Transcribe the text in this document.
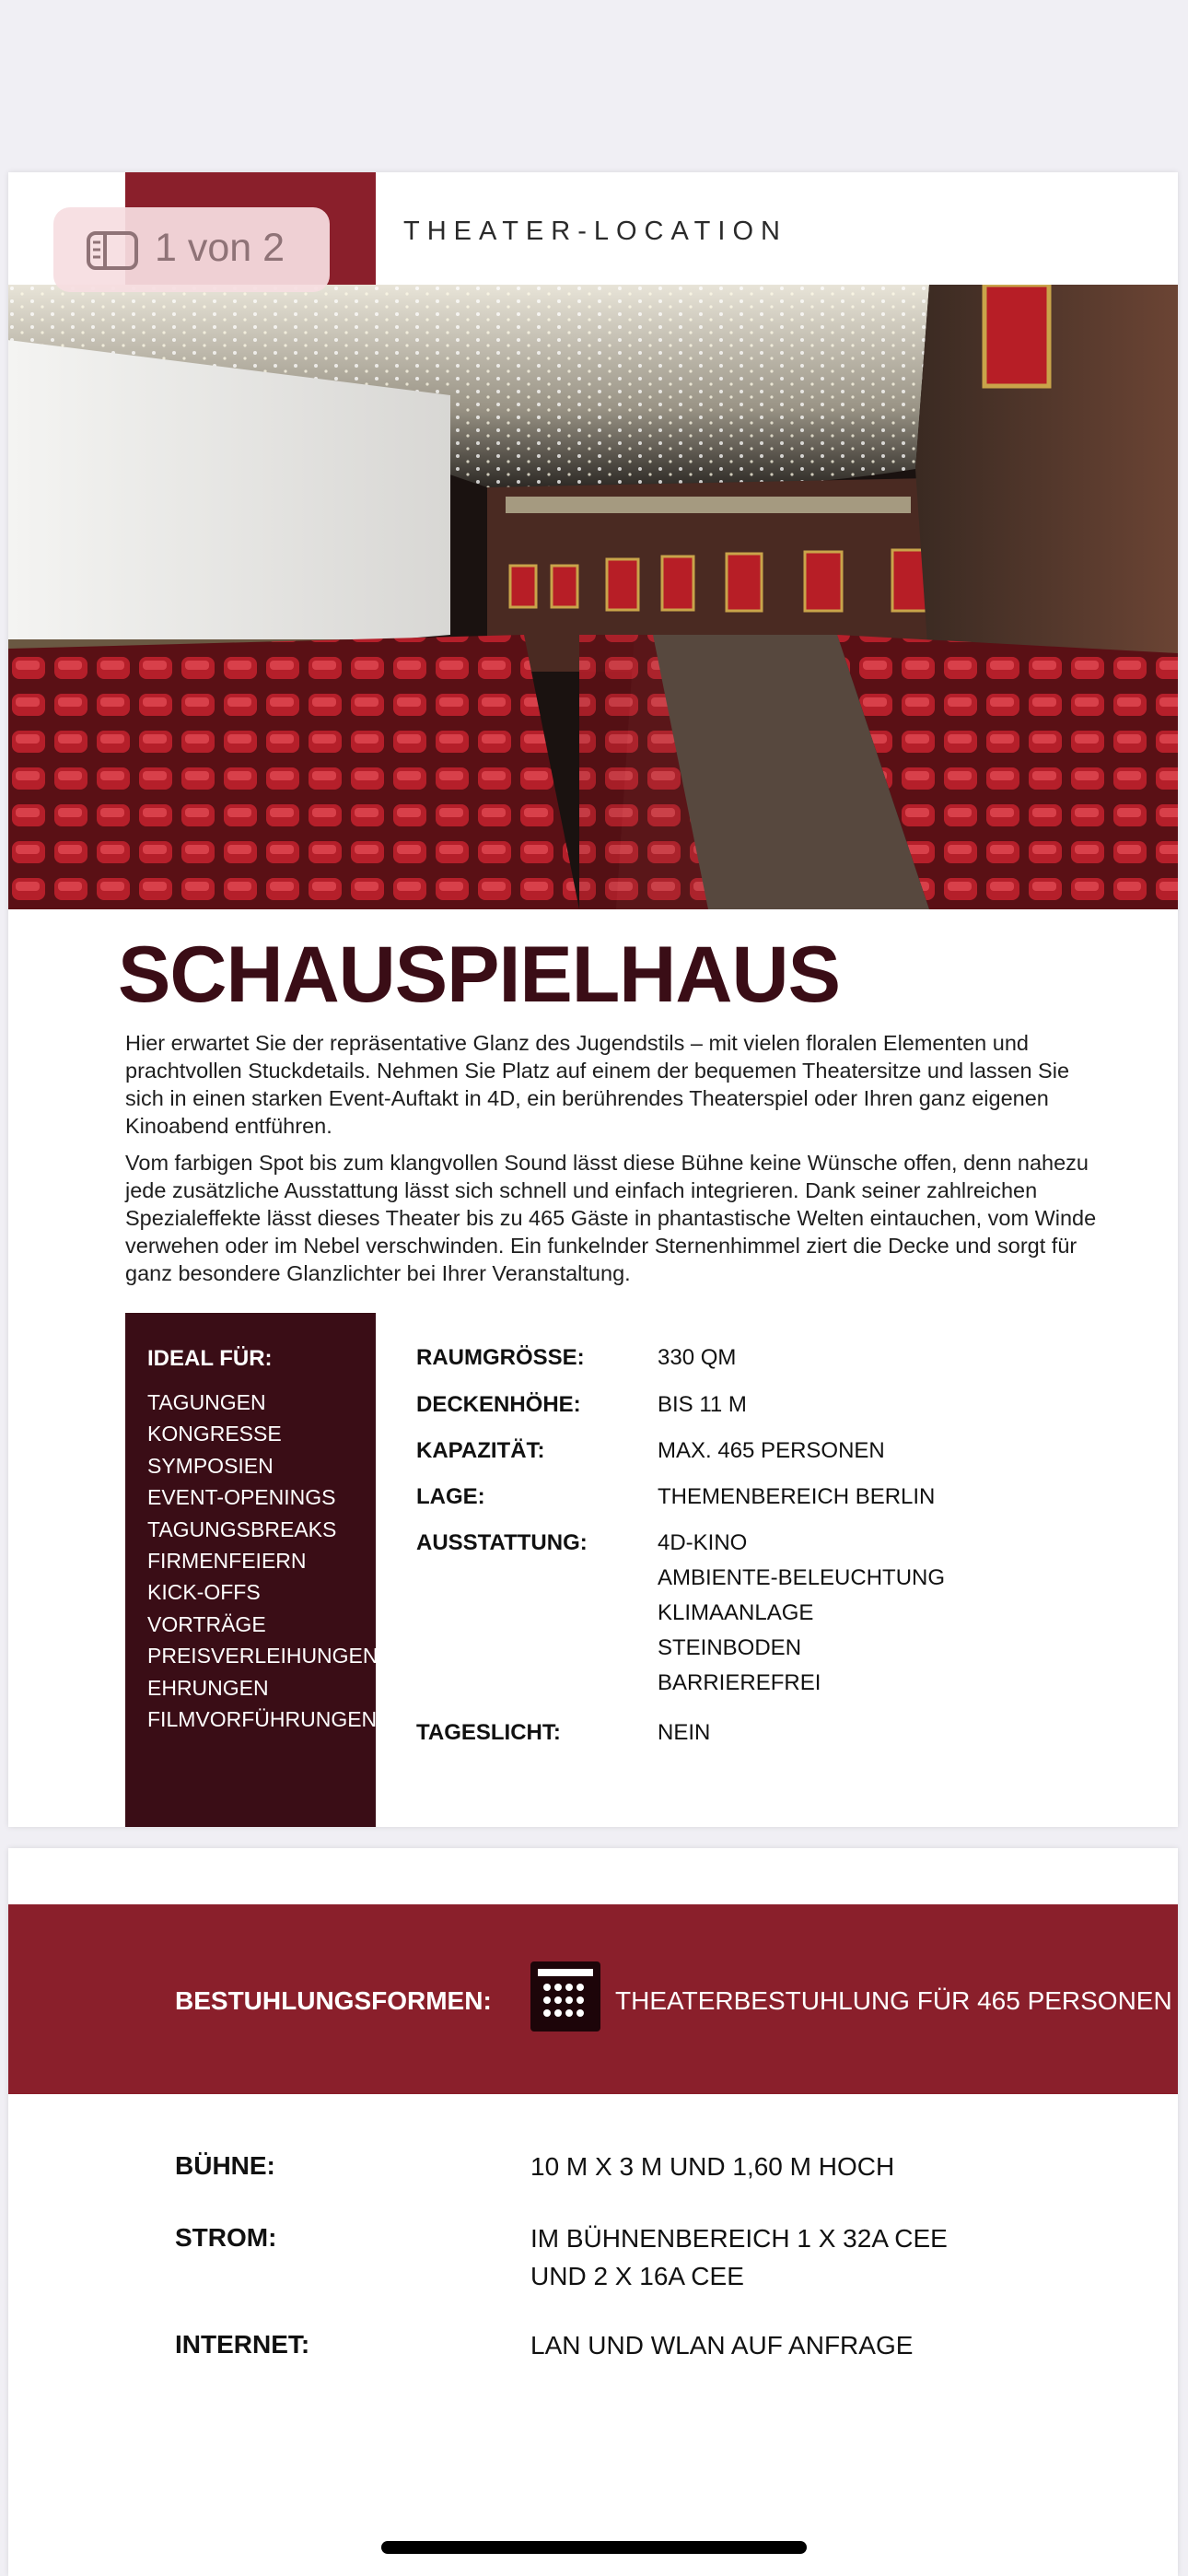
THEATER-LOCATION
SCHAUSPIELHAUS

Hier erwartet Sie der repräsentative Glanz des Jugendstils – mit vielen floralen Elementen und prachtvollen Stuckdetails. Nehmen Sie Platz auf einem der bequemen Theatersitze und lassen Sie sich in einen starken Event-Auftakt in 4D, ein berührendes Theaterspiel oder Ihren ganz eigenen Kinoabend entführen.

Vom farbigen Spot bis zum klangvollen Sound lässt diese Bühne keine Wünsche offen, denn nahezu jede zusätzliche Ausstattung lässt sich schnell und einfach integrieren. Dank seiner zahlreichen Spezialeffekte lässt dieses Theater bis zu 465 Gäste in phantastische Welten eintauchen, vom Winde verwehen oder im Nebel verschwinden. Ein funkelnder Sternenhimmel ziert die Decke und sorgt für ganz besondere Glanzlichter bei Ihrer Veranstaltung.

IDEAL FÜR:
TAGUNGEN
KONGRESSE
SYMPOSIEN
EVENT-OPENINGS
TAGUNGSBREAKS
FIRMENFEIERN
KICK-OFFS
VORTRÄGE
PREISVERLEIHUNGEN
EHRUNGEN
FILMVORFÜHRUNGEN
RAUMGRÖSSE:	330 QM
DECKENHÖHE:	BIS 11 M
KAPAZITÄT:	MAX. 465 PERSONEN
LAGE:	THEMENBEREICH BERLIN
AUSSTATTUNG:	4D-KINO
AMBIENTE-BELEUCHTUNG
KLIMAANLAGE
STEINBODEN
BARRIEREFREI
TAGESLICHT:	NEIN
BESTUHLUNGSFORMEN:	THEATERBESTUHLUNG FÜR 465 PERSONEN
BÜHNE:	10 M X 3 M UND 1,60 M HOCH
STROM:	IM BÜHNENBEREICH 1 X 32A CEE
UND 2 X 16A CEE
INTERNET:	LAN UND WLAN AUF ANFRAGE
1 von 2
